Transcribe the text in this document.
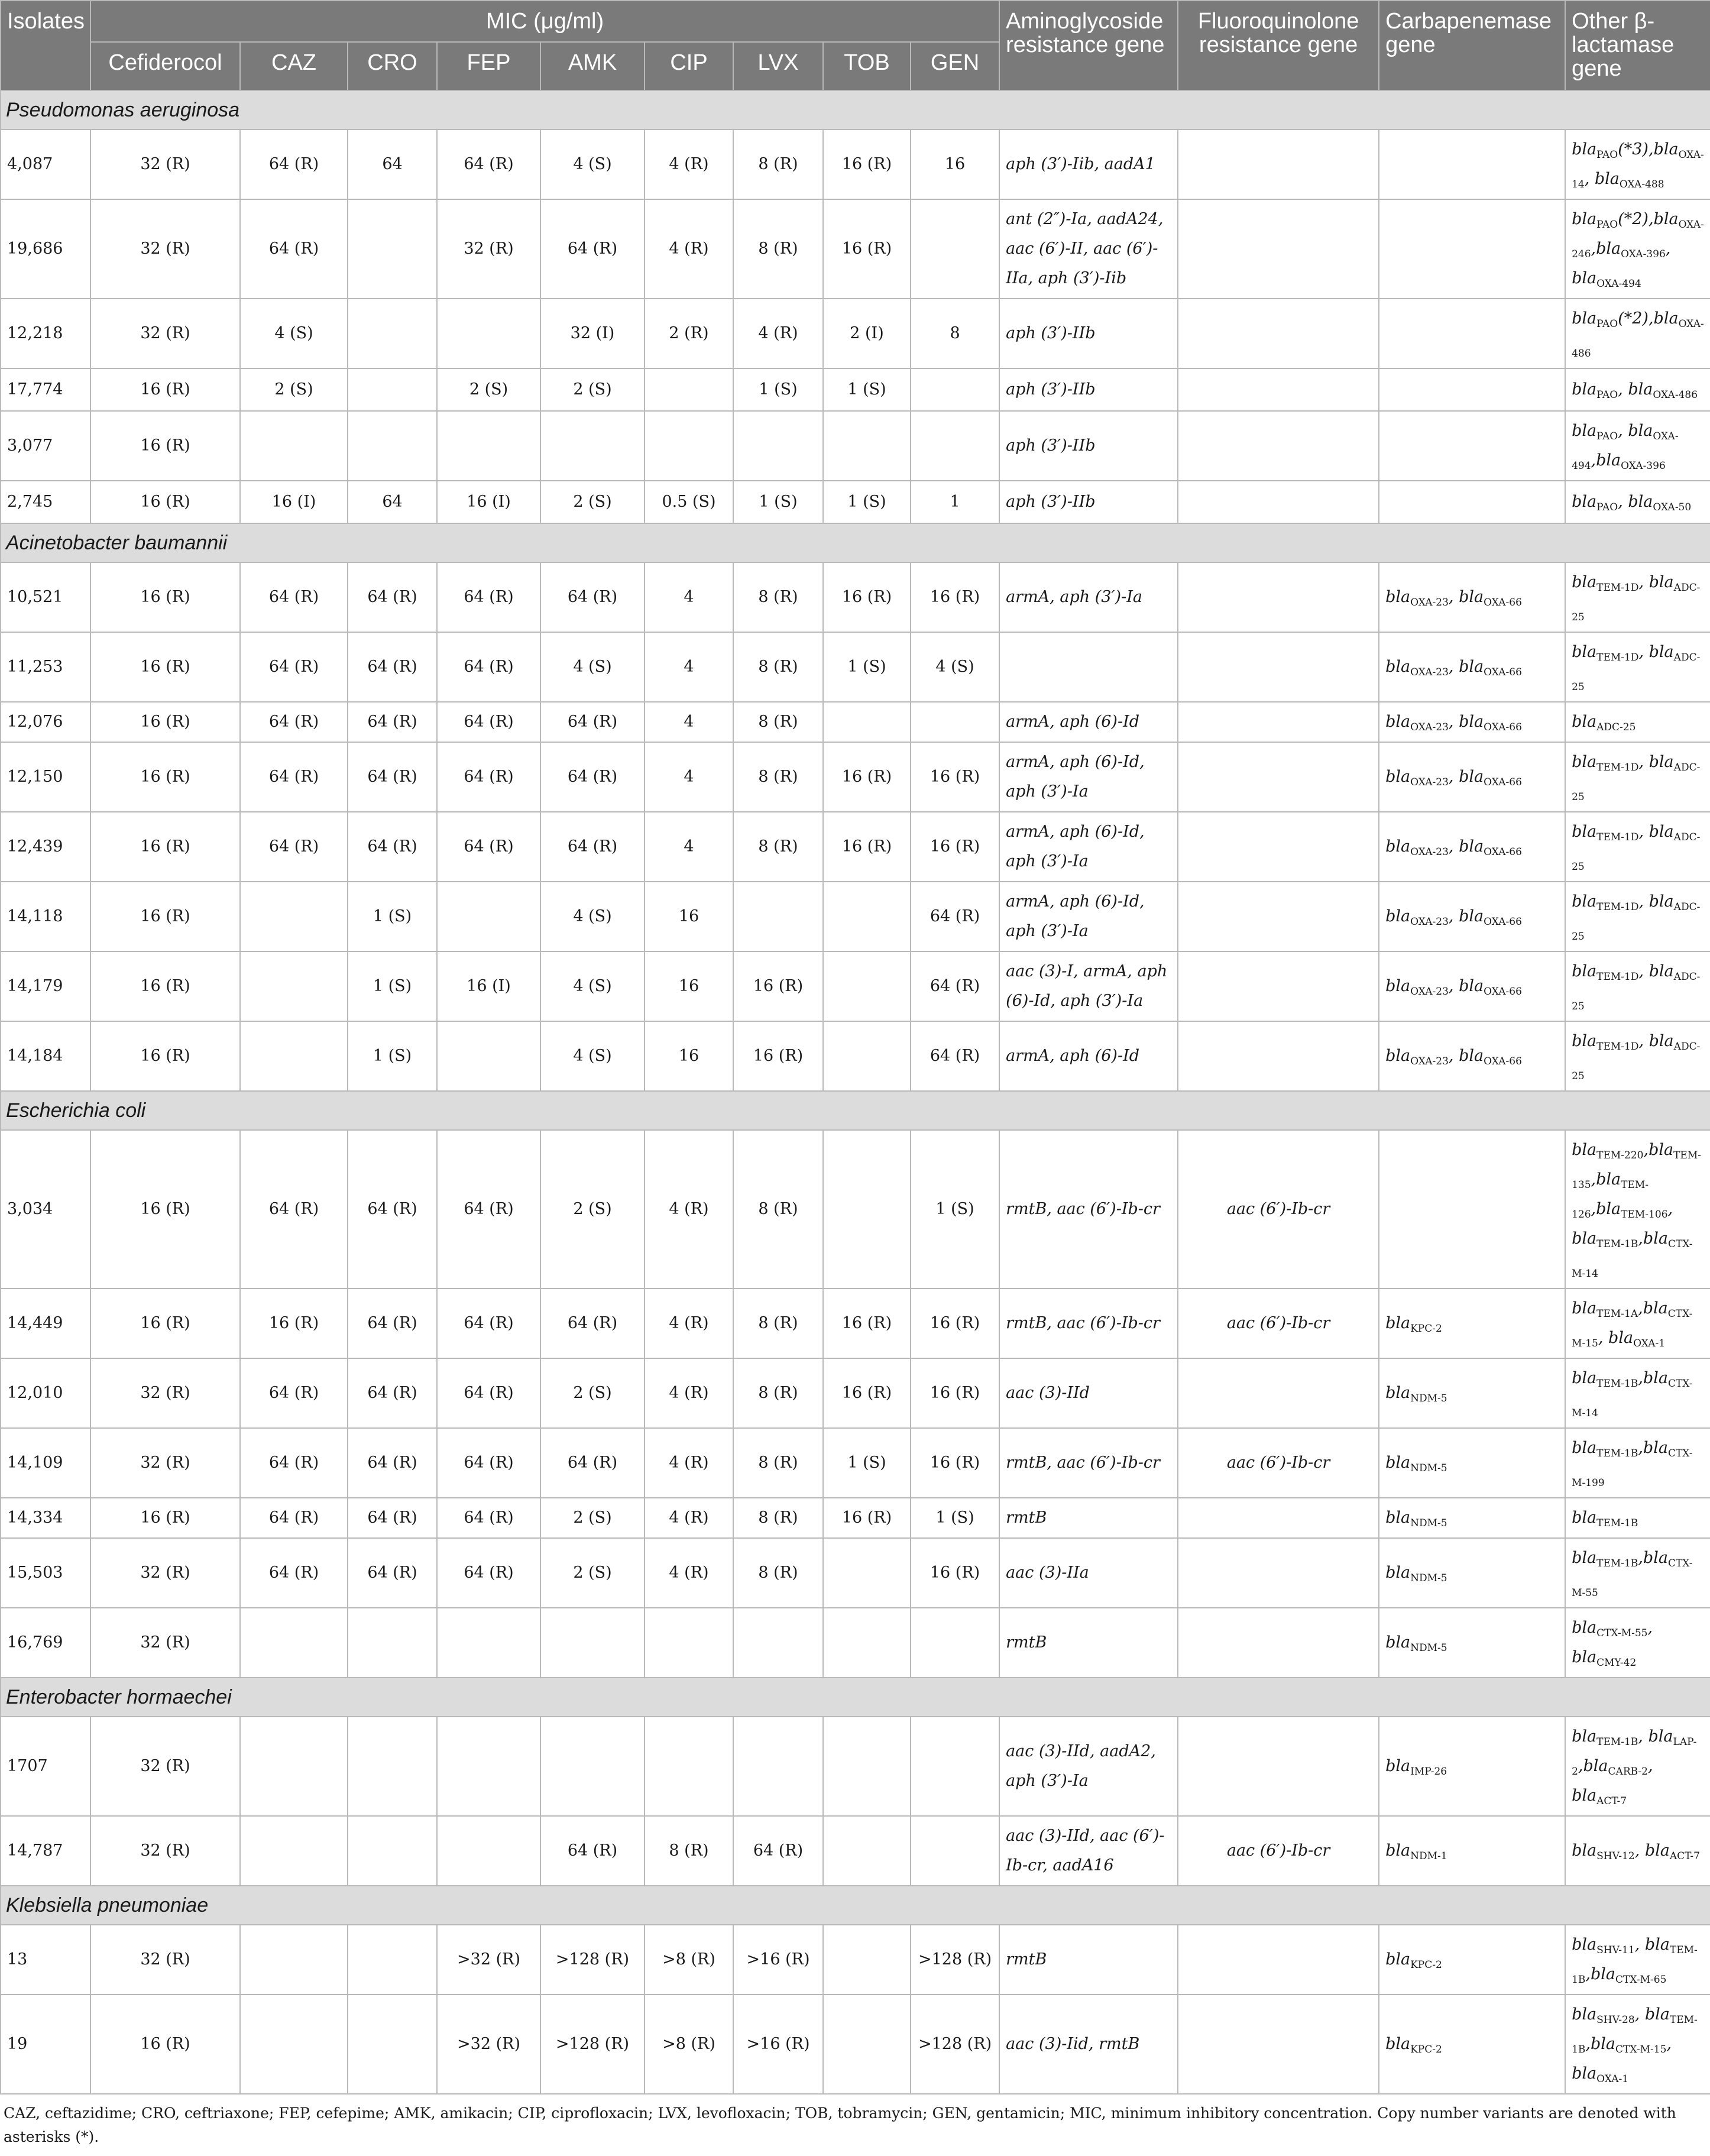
Isolates	MIC (μg/ml)									Aminoglycoside resistance gene	Fluoroquinolone resistance gene	Carbapenemase gene	Other β-lactamase gene
	Cefiderocol	CAZ	CRO	FEP	AMK	CIP	LVX	TOB	GEN				
Pseudomonas aeruginosa													
4,087	32 (R)	64 (R)	64	64 (R)	4 (S)	4 (R)	8 (R)	16 (R)	16	aph (3′)-Iib, aadA1			bla$_{PAO}$(*3),bla$_{OXA-14}$, bla$_{OXA-488}$
19,686	32 (R)	64 (R)		32 (R)	64 (R)	4 (R)	8 (R)	16 (R)		ant (2″)-Ia, aadA24, aac (6′)-II, aac (6′)-IIa, aph (3′)-Iib			bla$_{PAO}$(*2),bla$_{OXA-246}$,bla$_{OXA-396}$, bla$_{OXA-494}$
12,218	32 (R)	4 (S)			32 (I)	2 (R)	4 (R)	2 (I)	8	aph (3′)-IIb			bla$_{PAO}$(*2),bla$_{OXA-486}$
17,774	16 (R)	2 (S)		2 (S)	2 (S)		1 (S)	1 (S)		aph (3′)-IIb			bla$_{PAO}$, bla$_{OXA-486}$
3,077	16 (R)									aph (3′)-IIb			bla$_{PAO}$, bla$_{OXA-494}$,bla$_{OXA-396}$
2,745	16 (R)	16 (I)	64	16 (I)	2 (S)	0.5 (S)	1 (S)	1 (S)	1	aph (3′)-IIb			bla$_{PAO}$, bla$_{OXA-50}$
Acinetobacter baumannii													
10,521	16 (R)	64 (R)	64 (R)	64 (R)	64 (R)	4	8 (R)	16 (R)	16 (R)	armA, aph (3′)-Ia		bla$_{OXA-23}$, bla$_{OXA-66}$	bla$_{TEM-1D}$, bla$_{ADC-25}$
11,253	16 (R)	64 (R)	64 (R)	64 (R)	4 (S)	4	8 (R)	1 (S)	4 (S)			bla$_{OXA-23}$, bla$_{OXA-66}$	bla$_{TEM-1D}$, bla$_{ADC-25}$
12,076	16 (R)	64 (R)	64 (R)	64 (R)	64 (R)	4	8 (R)			armA, aph (6)-Id		bla$_{OXA-23}$, bla$_{OXA-66}$	bla$_{ADC-25}$
12,150	16 (R)	64 (R)	64 (R)	64 (R)	64 (R)	4	8 (R)	16 (R)	16 (R)	armA, aph (6)-Id, aph (3′)-Ia		bla$_{OXA-23}$, bla$_{OXA-66}$	bla$_{TEM-1D}$, bla$_{ADC-25}$
12,439	16 (R)	64 (R)	64 (R)	64 (R)	64 (R)	4	8 (R)	16 (R)	16 (R)	armA, aph (6)-Id, aph (3′)-Ia		bla$_{OXA-23}$, bla$_{OXA-66}$	bla$_{TEM-1D}$, bla$_{ADC-25}$
14,118	16 (R)		1 (S)		4 (S)	16			64 (R)	armA, aph (6)-Id, aph (3′)-Ia		bla$_{OXA-23}$, bla$_{OXA-66}$	bla$_{TEM-1D}$, bla$_{ADC-25}$
14,179	16 (R)		1 (S)	16 (I)	4 (S)	16	16 (R)		64 (R)	aac (3)-I, armA, aph (6)-Id, aph (3′)-Ia		bla$_{OXA-23}$, bla$_{OXA-66}$	bla$_{TEM-1D}$, bla$_{ADC-25}$
14,184	16 (R)		1 (S)		4 (S)	16	16 (R)		64 (R)	armA, aph (6)-Id		bla$_{OXA-23}$, bla$_{OXA-66}$	bla$_{TEM-1D}$, bla$_{ADC-25}$
Escherichia coli													
3,034	16 (R)	64 (R)	64 (R)	64 (R)	2 (S)	4 (R)	8 (R)		1 (S)	rmtB, aac (6′)-Ib-cr	aac (6′)-Ib-cr		bla$_{TEM-220}$,bla$_{TEM-135}$,bla$_{TEM-126}$,bla$_{TEM-106}$, bla$_{TEM-1B}$,bla$_{CTX-M-14}$
14,449	16 (R)	16 (R)	64 (R)	64 (R)	64 (R)	4 (R)	8 (R)	16 (R)	16 (R)	rmtB, aac (6′)-Ib-cr	aac (6′)-Ib-cr	bla$_{KPC-2}$	bla$_{TEM-1A}$,bla$_{CTX-M-15}$, bla$_{OXA-1}$
12,010	32 (R)	64 (R)	64 (R)	64 (R)	2 (S)	4 (R)	8 (R)	16 (R)	16 (R)	aac (3)-IId		bla$_{NDM-5}$	bla$_{TEM-1B}$,bla$_{CTX-M-14}$
14,109	32 (R)	64 (R)	64 (R)	64 (R)	64 (R)	4 (R)	8 (R)	1 (S)	16 (R)	rmtB, aac (6′)-Ib-cr	aac (6′)-Ib-cr	bla$_{NDM-5}$	bla$_{TEM-1B}$,bla$_{CTX-M-199}$
14,334	16 (R)	64 (R)	64 (R)	64 (R)	2 (S)	4 (R)	8 (R)	16 (R)	1 (S)	rmtB		bla$_{NDM-5}$	bla$_{TEM-1B}$
15,503	32 (R)	64 (R)	64 (R)	64 (R)	2 (S)	4 (R)	8 (R)		16 (R)	aac (3)-IIa		bla$_{NDM-5}$	bla$_{TEM-1B}$,bla$_{CTX-M-55}$
16,769	32 (R)									rmtB		bla$_{NDM-5}$	bla$_{CTX-M-55}$, bla$_{CMY-42}$
Enterobacter hormaechei													
1707	32 (R)									aac (3)-IId, aadA2, aph (3′)-Ia		bla$_{IMP-26}$	bla$_{TEM-1B}$, bla$_{LAP-2}$,bla$_{CARB-2}$, bla$_{ACT-7}$
14,787	32 (R)				64 (R)	8 (R)	64 (R)			aac (3)-IId, aac (6′)-Ib-cr, aadA16	aac (6′)-Ib-cr	bla$_{NDM-1}$	bla$_{SHV-12}$, bla$_{ACT-7}$
Klebsiella pneumoniae													
13	32 (R)			>32 (R)	>128 (R)	>8 (R)	>16 (R)		>128 (R)	rmtB		bla$_{KPC-2}$	bla$_{SHV-11}$, bla$_{TEM-1B}$,bla$_{CTX-M-65}$
19	16 (R)			>32 (R)	>128 (R)	>8 (R)	>16 (R)		>128 (R)	aac (3)-Iid, rmtB		bla$_{KPC-2}$	bla$_{SHV-28}$, bla$_{TEM-1B}$,bla$_{CTX-M-15}$, bla$_{OXA-1}$
CAZ, ceftazidime; CRO, ceftriaxone; FEP, cefepime; AMK, amikacin; CIP, ciprofloxacin; LVX, levofloxacin; TOB, tobramycin; GEN, gentamicin; MIC, minimum inhibitory concentration. Copy number variants are denoted with asterisks (*).
